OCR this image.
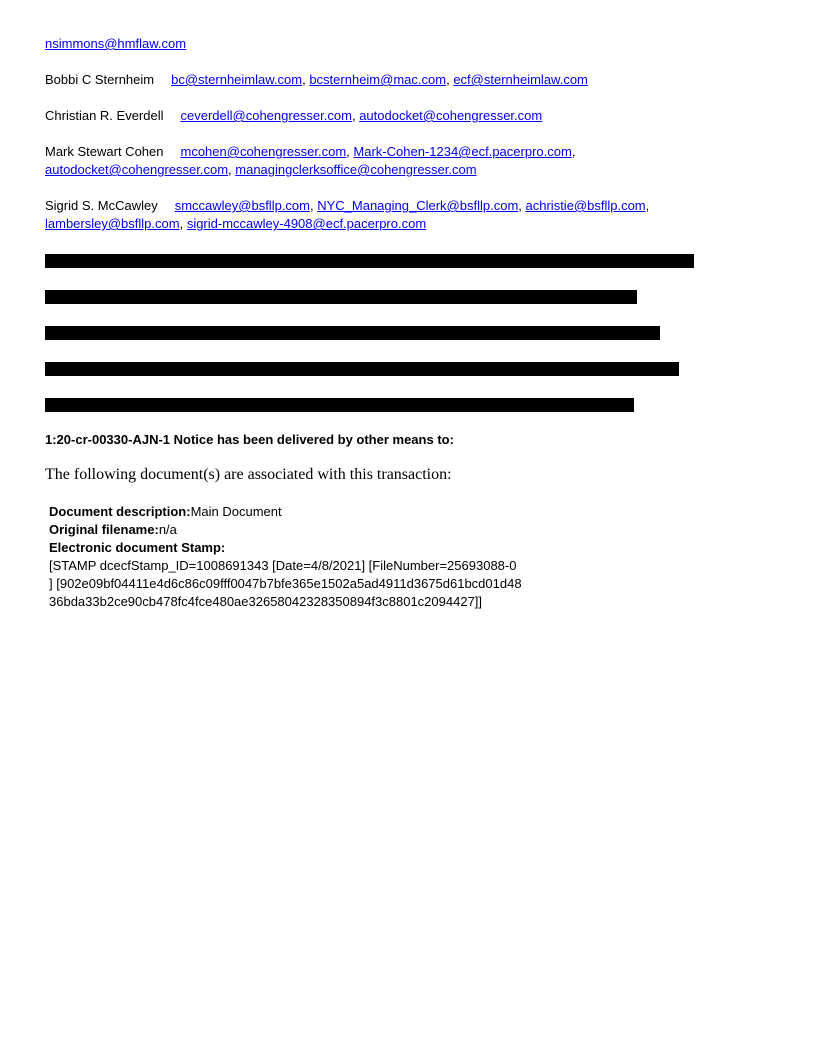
nsimmons@hmflaw.com
Bobbi C Sternheim bc@sternheimlaw.com, bcsternheim@mac.com, ecf@sternheimlaw.com
Christian R. Everdell ceverdell@cohengresser.com, autodocket@cohengresser.com
Mark Stewart Cohen mcohen@cohengresser.com, Mark-Cohen-1234@ecf.pacerpro.com,
autodocket@cohengresser.com, managingclerksoffice@cohengresser.com
Sigrid S. McCawley smccawley@bsfllp.com, NYC_Managing_Clerk@bsfllp.com, achristie@bsfllp.com,
lambersley@bsfllp.com, sigrid-mccawley-4908@ecf.pacerpro.com
1:20-cr-00330-AJN-1 Notice has been delivered by other means to:
The following document(s) are associated with this transaction:
Document description:Main Document
Original filename:n/a
Electronic document Stamp:
[STAMP dcecfStamp_ID=1008691343 [Date=4/8/2021] [FileNumber=25693088-0
] [902e09bf04411e4d6c86c09fff0047b7bfe365e1502a5ad4911d3675d61bcd01d48
36bda33b2ce90cb478fc4fce480ae32658042328350894f3c8801c2094427]]
